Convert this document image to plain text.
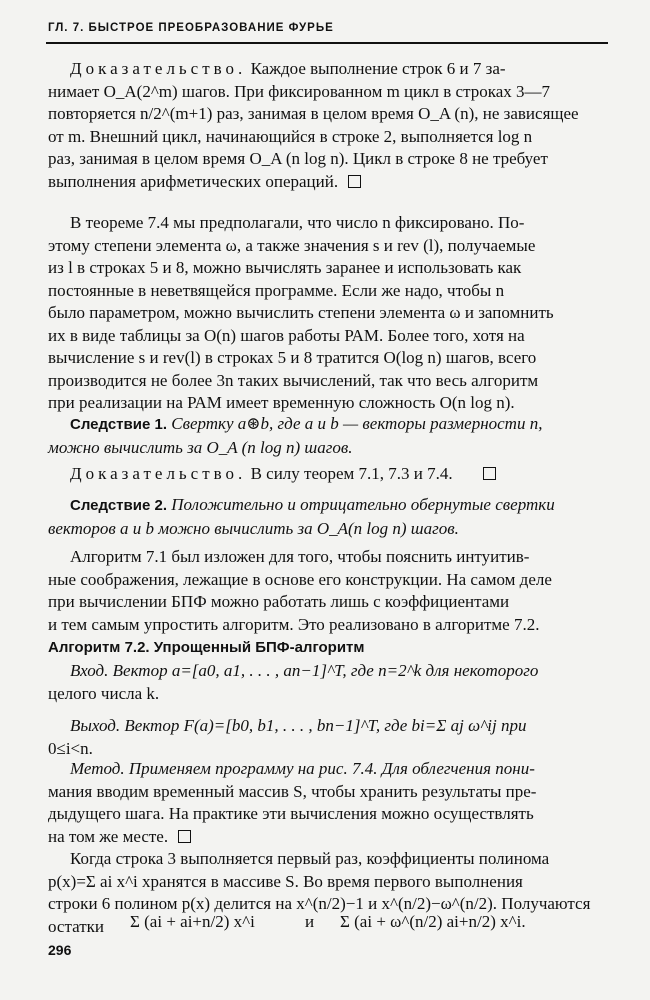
ГЛ. 7. БЫСТРОЕ ПРЕОБРАЗОВАНИЕ ФУРЬЕ
Доказательство. Каждое выполнение строк 6 и 7 за-
нимает O_A(2^m) шагов. При фиксированном m цикл в строках 3—7
повторяется n/2^(m+1) раз, занимая в целом время O_A (n), не зависящее
от m. Внешний цикл, начинающийся в строке 2, выполняется log n
раз, занимая в целом время O_A (n log n). Цикл в строке 8 не требует
выполнения арифметических операций.
В теореме 7.4 мы предполагали, что число n фиксировано. По-
этому степени элемента ω, а также значения s и rev (l), получаемые
из l в строках 5 и 8, можно вычислять заранее и использовать как
постоянные в неветвящейся программе. Если же надо, чтобы n
было параметром, можно вычислить степени элемента ω и запомнить
их в виде таблицы за O(n) шагов работы РАМ. Более того, хотя на
вычисление s и rev(l) в строках 5 и 8 тратится O(log n) шагов, всего
производится не более 3n таких вычислений, так что весь алгоритм
при реализации на РАМ имеет временную сложность O(n log n).
Следствие 1. Свертку a⊛b, где a и b — векторы размерности n,
можно вычислить за O_A (n log n) шагов.
Доказательство. В силу теорем 7.1, 7.3 и 7.4.
Следствие 2. Положительно и отрицательно обернутые свертки
векторов a и b можно вычислить за O_A(n log n) шагов.
Алгоритм 7.1 был изложен для того, чтобы пояснить интуитив-
ные соображения, лежащие в основе его конструкции. На самом деле
при вычислении БПФ можно работать лишь с коэффициентами
и тем самым упростить алгоритм. Это реализовано в алгоритме 7.2.
Алгоритм 7.2. Упрощенный БПФ-алгоритм
Вход. Вектор a=[a0, a1, . . . , an−1]^T, где n=2^k для некоторого
целого числа k.
Выход. Вектор F(a)=[b0, b1, . . . , bn−1]^T, где bi=Σ aj ω^ij при
0≤i<n.
Метод. Применяем программу на рис. 7.4. Для облегчения пони-
мания вводим временный массив S, чтобы хранить результаты пре-
дыдущего шага. На практике эти вычисления можно осуществлять
на том же месте.
Когда строка 3 выполняется первый раз, коэффициенты полинома
p(x)=Σ ai x^i хранятся в массиве S. Во время первого выполнения
строки 6 полином p(x) делится на x^(n/2)−1 и x^(n/2)−ω^(n/2). Получаются
остатки	Σ (ai + ai+n/2) x^i	и Σ (ai + ω^(n/2) ai+n/2) x^i.
296
